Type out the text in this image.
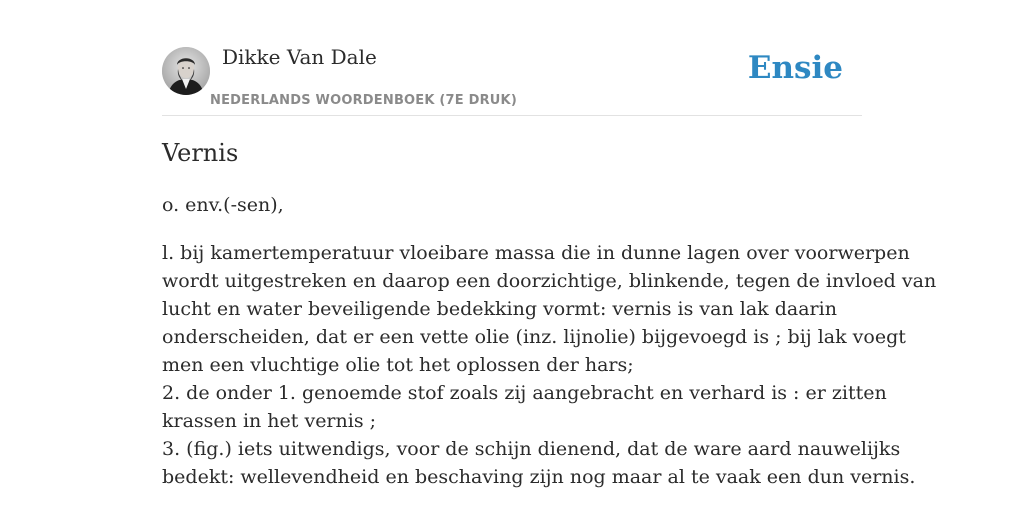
Dikke Van Dale
NEDERLANDS WOORDENBOEK (7E DRUK)
Ensie
Vernis

o. env.(-sen),

l. bij kamertemperatuur vloeibare massa die in dunne lagen over voorwerpen
wordt uitgestreken en daarop een doorzichtige, blinkende, tegen de invloed van
lucht en water beveiligende bedekking vormt: vernis is van lak daarin
onderscheiden, dat er een vette olie (inz. lijnolie) bijgevoegd is ; bij lak voegt
men een vluchtige olie tot het oplossen der hars;
2. de onder 1. genoemde stof zoals zij aangebracht en verhard is : er zitten
krassen in het vernis ;
3. (fig.) iets uitwendigs, voor de schijn dienend, dat de ware aard nauwelijks
bedekt: wellevendheid en beschaving zijn nog maar al te vaak een dun vernis.
